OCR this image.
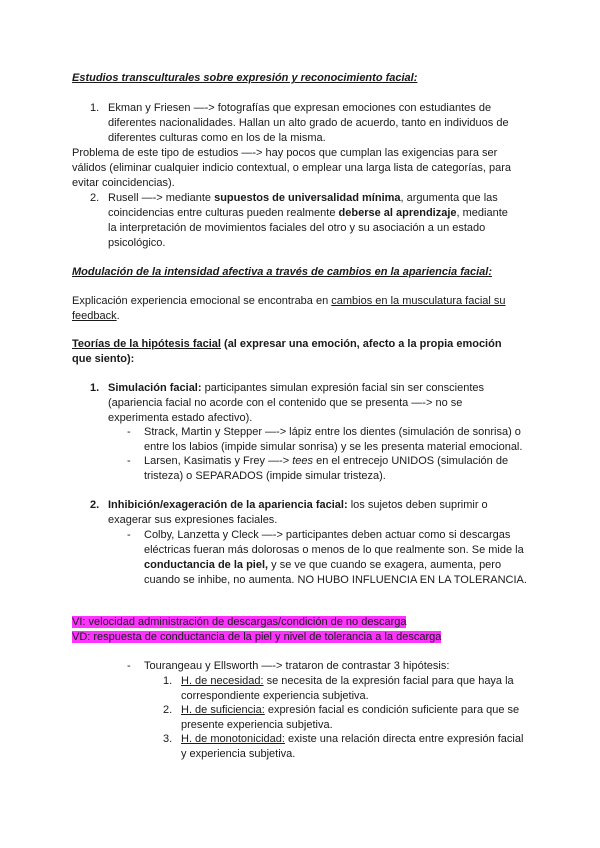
Estudios transculturales sobre expresión y reconocimiento facial:
1. Ekman y Friesen —-> fotografías que expresan emociones con estudiantes de diferentes nacionalidades. Hallan un alto grado de acuerdo, tanto en individuos de diferentes culturas como en los de la misma.
Problema de este tipo de estudios —-> hay pocos que cumplan las exigencias para ser válidos (eliminar cualquier indicio contextual, o emplear una larga lista de categorías, para evitar coincidencias).
2. Rusell —-> mediante supuestos de universalidad mínima, argumenta que las coincidencias entre culturas pueden realmente deberse al aprendizaje, mediante la interpretación de movimientos faciales del otro y su asociación a un estado psicológico.
Modulación de la intensidad afectiva a través de cambios en la apariencia facial:
Explicación experiencia emocional se encontraba en cambios en la musculatura facial su feedback.
Teorías de la hipótesis facial (al expresar una emoción, afecto a la propia emoción que siento):
1. Simulación facial: participantes simulan expresión facial sin ser conscientes (apariencia facial no acorde con el contenido que se presenta —-> no se experimenta estado afectivo).
- Strack, Martin y Stepper —-> lápiz entre los dientes (simulación de sonrisa) o entre los labios (impide simular sonrisa) y se les presenta material emocional.
- Larsen, Kasimatis y Frey —-> tees en el entrecejo UNIDOS (simulación de tristeza) o SEPARADOS (impide simular tristeza).
2. Inhibición/exageración de la apariencia facial: los sujetos deben suprimir o exagerar sus expresiones faciales.
- Colby, Lanzetta y Cleck —-> participantes deben actuar como si descargas eléctricas fueran más dolorosas o menos de lo que realmente son. Se mide la conductancia de la piel, y se ve que cuando se exagera, aumenta, pero cuando se inhibe, no aumenta. NO HUBO INFLUENCIA EN LA TOLERANCIA.
VI: velocidad administración de descargas/condición de no descarga
VD: respuesta de conductancia de la piel y nivel de tolerancia a la descarga
- Tourangeau y Ellsworth —-> trataron de contrastar 3 hipótesis:
1. H. de necesidad: se necesita de la expresión facial para que haya la correspondiente experiencia subjetiva.
2. H. de suficiencia: expresión facial es condición suficiente para que se presente experiencia subjetiva.
3. H. de monotonicidad: existe una relación directa entre expresión facial y experiencia subjetiva.
